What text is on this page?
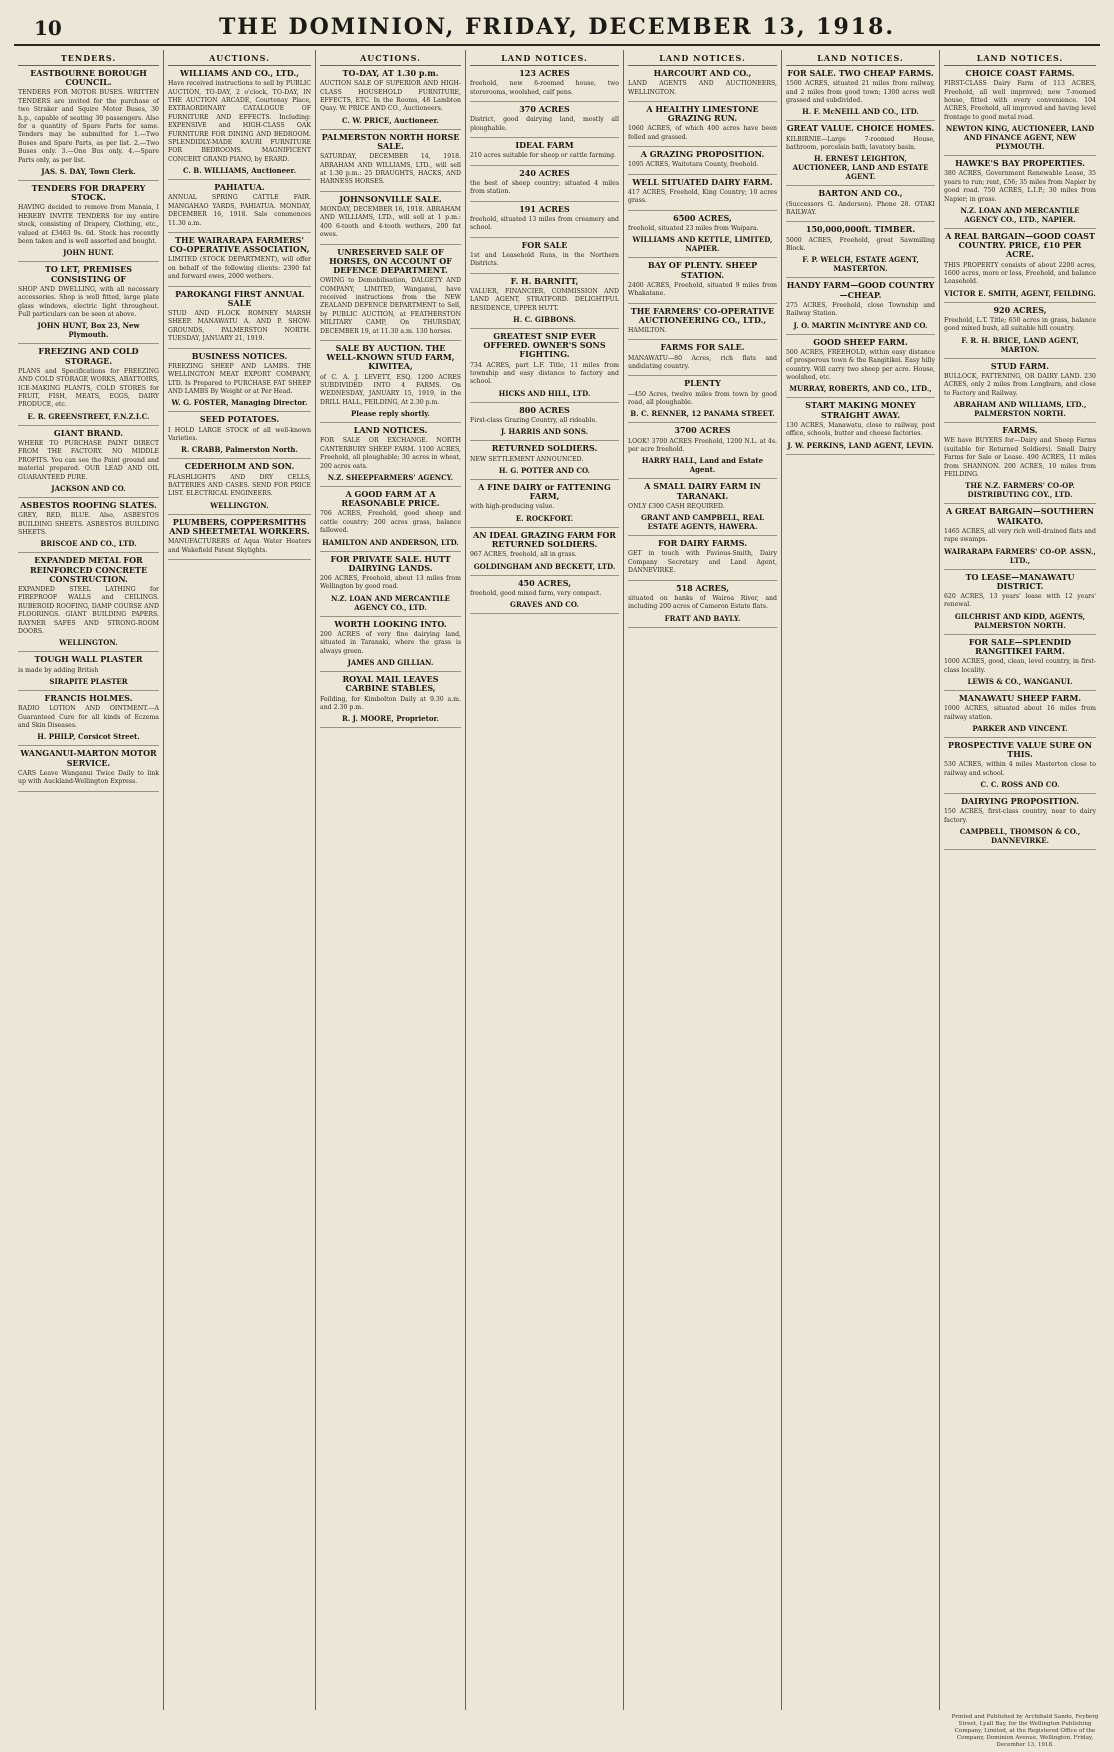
10	THE DOMINION, FRIDAY, DECEMBER 13, 1918.
TENDERS.
EASTBOURNE BOROUGH COUNCIL.
TENDERS FOR MOTOR BUSES. WRITTEN TENDERS are invited for the purchase of two Straker and Squire Motor Buses, 30 h.p., capable of seating 30 passengers. Also for a quantity of Spare Parts for same. Tenders may be submitted for 1.—Two Buses and Spare Parts, as per list. 2.—Two Buses only. 3.—One Bus only. 4.—Spare Parts only, as per list.
JAS. S. DAY, Town Clerk.
TENDERS FOR DRAPERY STOCK.
HAVING decided to remove from Manaia, I HEREBY INVITE TENDERS for my entire stock, consisting of Drapery, Clothing, etc., valued at £3463 9s. 6d. Stock has recently been taken and is well assorted and bought.
JOHN HUNT.
TO LET, PREMISES CONSISTING OF
SHOP AND DWELLING, with all necessary accessories. Shop is well fitted, large plate glass windows, electric light throughout. Full particulars can be seen at above.
JOHN HUNT, Box 23, New Plymouth.
FREEZING AND COLD STORAGE.
PLANS and Specifications for FREEZING AND COLD STORAGE WORKS, ABATTOIRS, ICE-MAKING PLANTS, COLD STORES for FRUIT, FISH, MEATS, EGGS, DAIRY PRODUCE, etc.
E. R. GREENSTREET, F.N.Z.I.C.
GIANT BRAND.
WHERE TO PURCHASE PAINT DIRECT FROM THE FACTORY. NO MIDDLE PROFITS. You can see the Paint ground and material prepared. OUR LEAD AND OIL GUARANTEED PURE.
JACKSON AND CO.
ASBESTOS ROOFING SLATES.
GREY, RED, BLUE. Also, ASBESTOS BUILDING SHEETS. ASBESTOS BUILDING SHEETS.
BRISCOE AND CO., LTD.
EXPANDED METAL FOR REINFORCED CONCRETE CONSTRUCTION.
EXPANDED STEEL LATHING for FIREPROOF WALLS and CEILINGS. RUBEROID ROOFING, DAMP COURSE AND FLOORINGS. GIANT BUILDING PAPERS. RAYNER SAFES AND STRONG-ROOM DOORS.
WELLINGTON.
TOUGH WALL PLASTER
is made by adding British
SIRAPITE PLASTER
FRANCIS HOLMES.
RADIO LOTION AND OINTMENT.—A Guaranteed Cure for all kinds of Eczema and Skin Diseases.
H. PHILP, Corsicot Street.
WANGANUI-MARTON MOTOR SERVICE.
CARS Leave Wanganui Twice Daily to link up with Auckland-Wellington Express.
AUCTIONS.
WILLIAMS AND CO., LTD.,
Have received instructions to sell by PUBLIC AUCTION, TO-DAY, 2 o'clock, TO-DAY, IN THE AUCTION ARCADE, Courtenay Place, EXTRAORDINARY CATALOGUE OF FURNITURE AND EFFECTS. Including: EXPENSIVE and HIGH-CLASS OAK FURNITURE FOR DINING AND BEDROOM. SPLENDIDLY-MADE KAURI FURNITURE FOR BEDROOMS. MAGNIFICENT CONCERT GRAND PIANO, by ERARD.
C. B. WILLIAMS, Auctioneer.
PAHIATUA.
ANNUAL SPRING CATTLE FAIR. MANGAHAO YARDS, PAHIATUA. MONDAY, DECEMBER 16, 1918. Sale commences 11.30 a.m.
THE WAIRARAPA FARMERS' CO-OPERATIVE ASSOCIATION,
LIMITED (STOCK DEPARTMENT), will offer on behalf of the following clients: 2390 fat and forward ewes, 2000 wethers.
PAROKANGI FIRST ANNUAL SALE
STUD AND FLOCK ROMNEY MARSH SHEEP. MANAWATU A. AND P. SHOW-GROUNDS, PALMERSTON NORTH. TUESDAY, JANUARY 21, 1919.
BUSINESS NOTICES.
FREEZING SHEEP AND LAMBS. THE WELLINGTON MEAT EXPORT COMPANY, LTD. Is Prepared to PURCHASE FAT SHEEP AND LAMBS By Weight or at Per Head.
W. G. FOSTER, Managing Director.
SEED POTATOES.
I HOLD LARGE STOCK of all well-known Varieties.
R. CRABB, Palmerston North.
CEDERHOLM AND SON.
FLASHLIGHTS AND DRY CELLS, BATTERIES AND CASES. SEND FOR PRICE LIST. ELECTRICAL ENGINEERS.
WELLINGTON.
PLUMBERS, COPPERSMITHS AND SHEETMETAL WORKERS.
MANUFACTURERS of Aqua Water Heaters and Wakefield Patent Skylights.
AUCTIONS.
TO-DAY, AT 1.30 p.m.
AUCTION SALE OF SUPERIOR AND HIGH-CLASS HOUSEHOLD FURNITURE, EFFECTS, ETC. In the Rooms, 48 Lambton Quay. W. PRICE AND CO., Auctioneers.
C. W. PRICE, Auctioneer.
PALMERSTON NORTH HORSE SALE.
SATURDAY, DECEMBER 14, 1918. ABRAHAM AND WILLIAMS, LTD., will sell at 1.30 p.m.: 25 DRAUGHTS, HACKS, AND HARNESS HORSES.
JOHNSONVILLE SALE.
MONDAY, DECEMBER 16, 1918. ABRAHAM AND WILLIAMS, LTD., will sell at 1 p.m.: 400 6-tooth and 4-tooth wethers, 200 fat ewes.
UNRESERVED SALE OF HORSES, ON ACCOUNT OF DEFENCE DEPARTMENT.
OWING to Demobilisation, DALGETY AND COMPANY, LIMITED, Wanganui, have received instructions from the NEW ZEALAND DEFENCE DEPARTMENT to Sell, by PUBLIC AUCTION, at FEATHERSTON MILITARY CAMP, On THURSDAY, DECEMBER 19, at 11.30 a.m. 130 horses.
SALE BY AUCTION. THE WELL-KNOWN STUD FARM, KIWITEA,
of C. A. J. LEVETT, ESQ. 1200 ACRES SUBDIVIDED INTO 4 FARMS. On WEDNESDAY, JANUARY 15, 1919, in the DRILL HALL, FEILDING, At 2.30 p.m.
Please reply shortly.
LAND NOTICES.
FOR SALE OR EXCHANGE. NORTH CANTERBURY SHEEP FARM. 1100 ACRES, Freehold, all ploughable; 30 acres in wheat, 200 acres oats.
N.Z. SHEEPFARMERS' AGENCY.
A GOOD FARM AT A REASONABLE PRICE.
706 ACRES, Freehold, good sheep and cattle country; 200 acres grass, balance fallowed.
HAMILTON AND ANDERSON, LTD.
FOR PRIVATE SALE. HUTT DAIRYING LANDS.
206 ACRES, Freehold, about 13 miles from Wellington by good road.
N.Z. LOAN AND MERCANTILE AGENCY CO., LTD.
WORTH LOOKING INTO.
200 ACRES of very fine dairying land, situated in Taranaki, where the grass is always green.
JAMES AND GILLIAN.
ROYAL MAIL LEAVES CARBINE STABLES,
Feilding, for Kimbolton Daily at 9.30 a.m. and 2.30 p.m.
R. J. MOORE, Proprietor.
LAND NOTICES.
123 ACRES
freehold, new 6-roomed house, two storerooms, woolshed, calf pens.
370 ACRES
District, good dairying land, mostly all ploughable.
IDEAL FARM
210 acres suitable for sheep or cattle farming.
240 ACRES
the best of sheep country; situated 4 miles from station.
191 ACRES
freehold, situated 13 miles from creamery and school.
FOR SALE
1st and Leasehold Runs, in the Northern Districts.
F. H. BARNITT,
VALUER, FINANCIER, COMMISSION AND LAND AGENT, STRATFORD. DELIGHTFUL RESIDENCE, UPPER HUTT.
H. C. GIBBONS.
GREATEST SNIP EVER OFFERED. OWNER'S SONS FIGHTING.
734 ACRES, part L.F. Title, 11 miles from township and easy distance to factory and school.
HICKS AND HILL, LTD.
800 ACRES
First-class Grazing Country, all rideable.
J. HARRIS AND SONS.
RETURNED SOLDIERS.
NEW SETTLEMENT ANNOUNCED.
H. G. POTTER AND CO.
A FINE DAIRY or FATTENING FARM,
with high-producing value.
E. ROCKFORT.
AN IDEAL GRAZING FARM FOR RETURNED SOLDIERS.
967 ACRES, freehold, all in grass.
GOLDINGHAM AND BECKETT, LTD.
450 ACRES,
freehold, good mixed farm, very compact.
GRAVES AND CO.
LAND NOTICES.
HARCOURT AND CO.,
LAND AGENTS AND AUCTIONEERS, WELLINGTON.
A HEALTHY LIMESTONE GRAZING RUN.
1060 ACRES, of which 400 acres have been felled and grassed.
A GRAZING PROPOSITION.
1095 ACRES, Waitotara County, freehold.
WELL SITUATED DAIRY FARM.
417 ACRES, Freehold, King Country; 10 acres grass.
6500 ACRES,
freehold, situated 23 miles from Waipara.
WILLIAMS AND KETTLE, LIMITED, NAPIER.
BAY OF PLENTY. SHEEP STATION.
2400 ACRES, Freehold, situated 9 miles from Whakatane.
THE FARMERS' CO-OPERATIVE AUCTIONEERING CO., LTD.,
HAMILTON.
FARMS FOR SALE.
MANAWATU—80 Acres, rich flats and undulating country.
PLENTY
—450 Acres, twelve miles from town by good road, all ploughable.
B. C. RENNER, 12 PANAMA STREET.
3700 ACRES
LOOK! 3700 ACRES Freehold, 1200 N.L. at 4s. per acre freehold.
HARRY HALL, Land and Estate Agent.
A SMALL DAIRY FARM IN TARANAKI.
ONLY £300 CASH REQUIRED.
GRANT AND CAMPBELL, REAL ESTATE AGENTS, HAWERA.
FOR DAIRY FARMS.
GET in touch with Pavious-Smith, Dairy Company Secretary and Land Agent, DANNEVIRKE.
518 ACRES,
situated on banks of Wairoa River, and including 200 acres of Cameron Estate flats.
FRATT AND BAYLY.
LAND NOTICES.
FOR SALE. TWO CHEAP FARMS.
1500 ACRES, situated 21 miles from railway, and 2 miles from good town; 1300 acres well grassed and subdivided.
H. F. McNEILL AND CO., LTD.
GREAT VALUE. CHOICE HOMES.
KILBIRNIE—Large 7-roomed House, bathroom, porcelain bath, lavatory basin.
H. ERNEST LEIGHTON, AUCTIONEER, LAND AND ESTATE AGENT.
BARTON AND CO.,
(Successors G. Anderson). Phone 28. OTAKI RAILWAY.
150,000,000ft. TIMBER.
5000 ACRES, Freehold, great Sawmilling Block.
F. P. WELCH, ESTATE AGENT, MASTERTON.
HANDY FARM—GOOD COUNTRY—CHEAP.
275 ACRES, Freehold, close Township and Railway Station.
J. O. MARTIN McINTYRE AND CO.
GOOD SHEEP FARM.
500 ACRES, FREEHOLD, within easy distance of prosperous town & the Rangitikei. Easy hilly country. Will carry two sheep per acre. House, woolshed, etc.
MURRAY, ROBERTS, AND CO., LTD.,
START MAKING MONEY STRAIGHT AWAY.
130 ACRES, Manawatu, close to railway, post office, schools, butter and cheese factories.
J. W. PERKINS, LAND AGENT, LEVIN.
LAND NOTICES.
CHOICE COAST FARMS.
FIRST-CLASS Dairy Farm of 113 ACRES, Freehold, all well improved; new 7-roomed house, fitted with every convenience. 104 ACRES, Freehold, all improved and having level frontage to good metal road.
NEWTON KING, AUCTIONEER, LAND AND FINANCE AGENT, NEW PLYMOUTH.
HAWKE'S BAY PROPERTIES.
380 ACRES, Government Renewable Lease, 35 years to run; rent, £56; 35 miles from Napier by good road. 750 ACRES, L.I.P.; 30 miles from Napier; in grass.
N.Z. LOAN AND MERCANTILE AGENCY CO., LTD., NAPIER.
A REAL BARGAIN—GOOD COAST COUNTRY. PRICE, £10 PER ACRE.
THIS PROPERTY consists of about 2200 acres, 1600 acres, more or less, Freehold, and balance Leasehold.
VICTOR E. SMITH, AGENT, FEILDING.
920 ACRES,
Freehold, L.T. Title; 650 acres in grass, balance good mixed bush, all suitable hill country.
F. R. H. BRICE, LAND AGENT, MARTON.
STUD FARM.
BULLOCK, FATTENING, OR DAIRY LAND. 230 ACRES, only 2 miles from Longburn, and close to Factory and Railway.
ABRAHAM AND WILLIAMS, LTD., PALMERSTON NORTH.
FARMS.
WE have BUYERS for—Dairy and Sheep Farms (suitable for Returned Soldiers). Small Dairy Farms for Sale or Lease. 490 ACRES, 11 miles from SHANNON. 200 ACRES, 10 miles from FEILDING.
THE N.Z. FARMERS' CO-OP. DISTRIBUTING COY., LTD.
A GREAT BARGAIN—SOUTHERN WAIKATO.
1465 ACRES, all very rich well-drained flats and rape swamps.
WAIRARAPA FARMERS' CO-OP. ASSN., LTD.,
TO LEASE—MANAWATU DISTRICT.
620 ACRES, 13 years' lease with 12 years' renewal.
GILCHRIST AND KIDD, AGENTS, PALMERSTON NORTH.
FOR SALE—SPLENDID RANGITIKEI FARM.
1000 ACRES, good, clean, level country, in first-class locality.
LEWIS & CO., WANGANUI.
MANAWATU SHEEP FARM.
1000 ACRES, situated about 16 miles from railway station.
PARKER AND VINCENT.
PROSPECTIVE VALUE SURE ON THIS.
530 ACRES, within 4 miles Masterton close to railway and school.
C. C. ROSS AND CO.
DAIRYING PROPOSITION.
150 ACRES, first-class country, near to dairy factory.
CAMPBELL, THOMSON & CO., DANNEVIRKE.
Printed and Published by Archibald Sando, Feyberg Street, Lyall Bay, for the Wellington Publishing Company, Limited, at the Registered Office of the Company, Dominion Avenue, Wellington, Friday, December 13, 1918.
